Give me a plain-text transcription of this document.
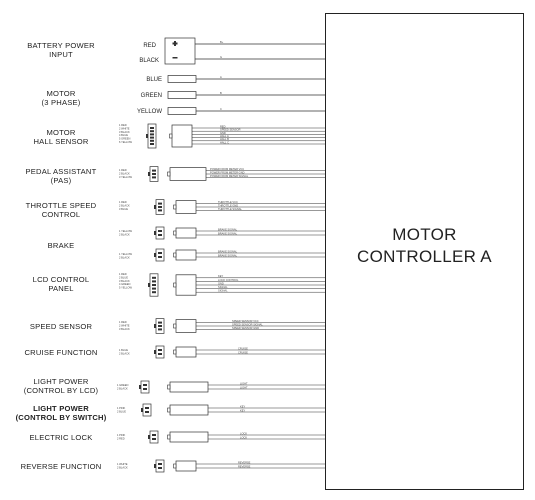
RED
BLACK
B+
G
BLUE	A
GREEN	B
YELLOW	C
1 RED
2 WHITE
3 BLACK
4 BLUE
5 GREEN
6 YELLOW
RED
SPEED SENSOR
GND
HALL A
HALL B
HALL C
1 RED
2 BLACK
3 YELLOW
POWER FROM METER VCC
POWER FROM METER GND
POWER FROM METER SIGNAL
1 RED
2 BLACK
3 BLUE
THROTTLE VCC
THROTTLE GND
THROTTLE SIGNAL
1 YELLOW
2 BLACK
BRAKE SIGNAL
BRAKE SIGNAL
1 YELLOW
2 BLACK
BRAKE SIGNAL
BRAKE SIGNAL
1 RED
2 BLUE
3 BLACK
4 GREEN
5 YELLOW
KEY
LOCK CONTROL
GND
SIGNAL
SIGNAL
1 RED
2 WHITE
3 BLACK
SPEED SENSOR VCC
SPEED SENSOR SIGNAL
SPEED SENSOR GND
1 BLUE
2 BLACK
CRUISE
CRUISE
1 GREEN
2 BLACK
LIGHT
LIGHT
1 PINK
2 BLUE
KEY
KEY
1 PINK
2 RED
LOCK
LOCK
1 WHITE
2 BLACK
REVERSE
REVERSE
MOTOR
CONTROLLER A
BATTERY POWER
INPUT
MOTOR
(3 PHASE)
MOTOR
HALL SENSOR
PEDAL ASSISTANT
(PAS)
THROTTLE SPEED
CONTROL
BRAKE
LCD CONTROL
PANEL
SPEED SENSOR
CRUISE FUNCTION
LIGHT POWER
(CONTROL BY LCD)
LIGHT POWER
(CONTROL BY SWITCH)
ELECTRIC LOCK
REVERSE FUNCTION
